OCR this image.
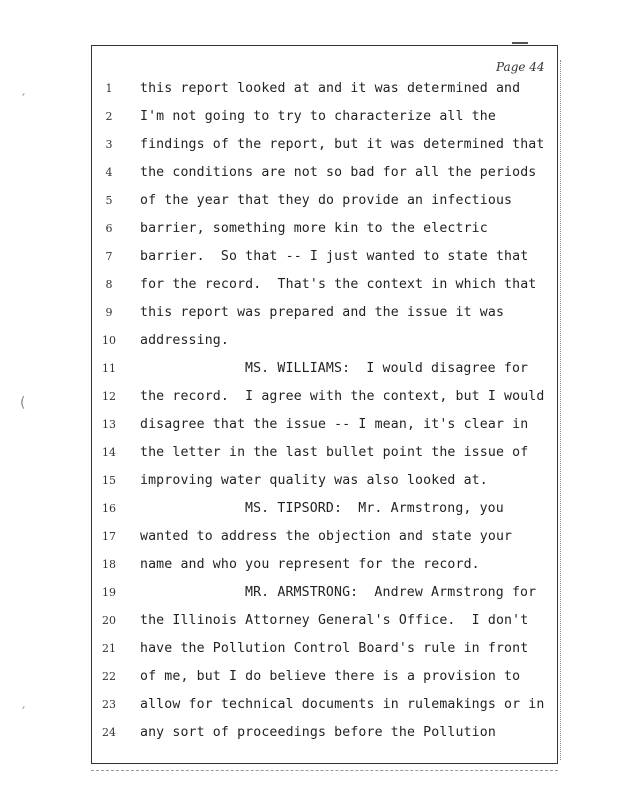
′
(
′
Page 44
1	this report looked at and it was determined and
2	I'm not going to try to characterize all the
3	findings of the report, but it was determined that
4	the conditions are not so bad for all the periods
5	of the year that they do provide an infectious
6	barrier, something more kin to the electric
7	barrier.  So that -- I just wanted to state that
8	for the record.  That's the context in which that
9	this report was prepared and the issue it was
10 addressing.
11	MS. WILLIAMS:  I would disagree for
12 the record.  I agree with the context, but I would
13 disagree that the issue -- I mean, it's clear in
14 the letter in the last bullet point the issue of
15 improving water quality was also looked at.
16	MS. TIPSORD:  Mr. Armstrong, you
17 wanted to address the objection and state your
18 name and who you represent for the record.
19	MR. ARMSTRONG:  Andrew Armstrong for
20 the Illinois Attorney General's Office.  I don't
21 have the Pollution Control Board's rule in front
22 of me, but I do believe there is a provision to
23 allow for technical documents in rulemakings or in
24 any sort of proceedings before the Pollution
